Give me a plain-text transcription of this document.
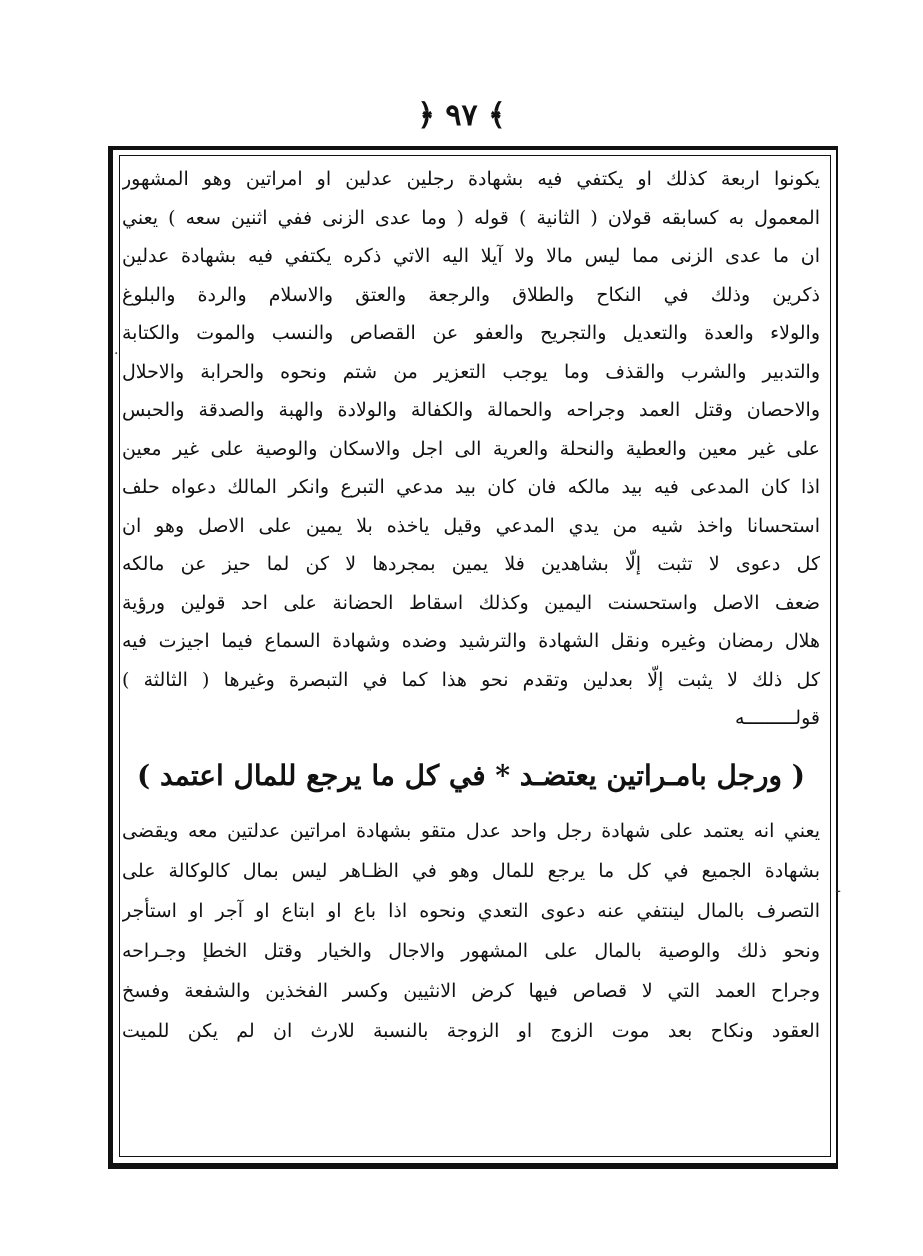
﴿ ٩٧ ﴾
·
ـ
يكونوا اربعة كذلك او يكتفي فيه بشهادة رجلين عدلين او امراتين وهو المشهور
المعمول به كسابقه قولان ( الثانية ) قوله ( وما عدى الزنى ففي اثنين سعه ) يعني
ان ما عدى الزنى مما ليس مالا ولا آيلا اليه الاتي ذكره يكتفي فيه بشهادة عدلين
ذكرين وذلك في النكاح والطلاق والرجعة والعتق والاسلام والردة والبلوغ
والولاء والعدة والتعديل والتجريح والعفو عن القصاص والنسب والموت والكتابة
والتدبير والشرب والقذف وما يوجب التعزير من شتم ونحوه والحرابة والاحلال
والاحصان وقتل العمد وجراحه والحمالة والكفالة والولادة والهبة والصدقة والحبس
على غير معين والعطية والنحلة والعرية الى اجل والاسكان والوصية على غير معين
اذا كان المدعى فيه بيد مالكه فان كان بيد مدعي التبرع وانكر المالك دعواه حلف
استحسانا واخذ شيه من يدي المدعي وقيل ياخذه بلا يمين على الاصل وهو ان
كل دعوى لا تثبت إلّا بشاهدين فلا يمين بمجردها لا كن لما حيز عن مالكه
ضعف الاصل واستحسنت اليمين وكذلك اسقاط الحضانة على احد قولين ورؤية
هلال رمضان وغيره ونقل الشهادة والترشيد وضده وشهادة السماع فيما اجيزت فيه
كل ذلك لا يثبت إلّا بعدلين وتقدم نحو هذا كما في التبصرة وغيرها ( الثالثة )
قولـــــــــه
( ورجل بامـراتين يعتضـد * في كل ما يرجع للمال اعتمد )
يعني انه يعتمد على شهادة رجل واحد عدل متقو بشهادة امراتين عدلتين معه ويقضى
بشهادة الجميع في كل ما يرجع للمال وهو في الظـاهر ليس بمال كالوكالة على
التصرف بالمال لينتفي عنه دعوى التعدي ونحوه اذا باع او ابتاع او آجر او استأجر
ونحو ذلك والوصية بالمال على المشهور والاجال والخيار وقتل الخطإ وجـراحه
وجراح العمد التي لا قصاص فيها كرض الانثيين وكسر الفخذين والشفعة وفسخ
العقود ونكاح بعد موت الزوج او الزوجة بالنسبة للارث ان لم يكن للميت
